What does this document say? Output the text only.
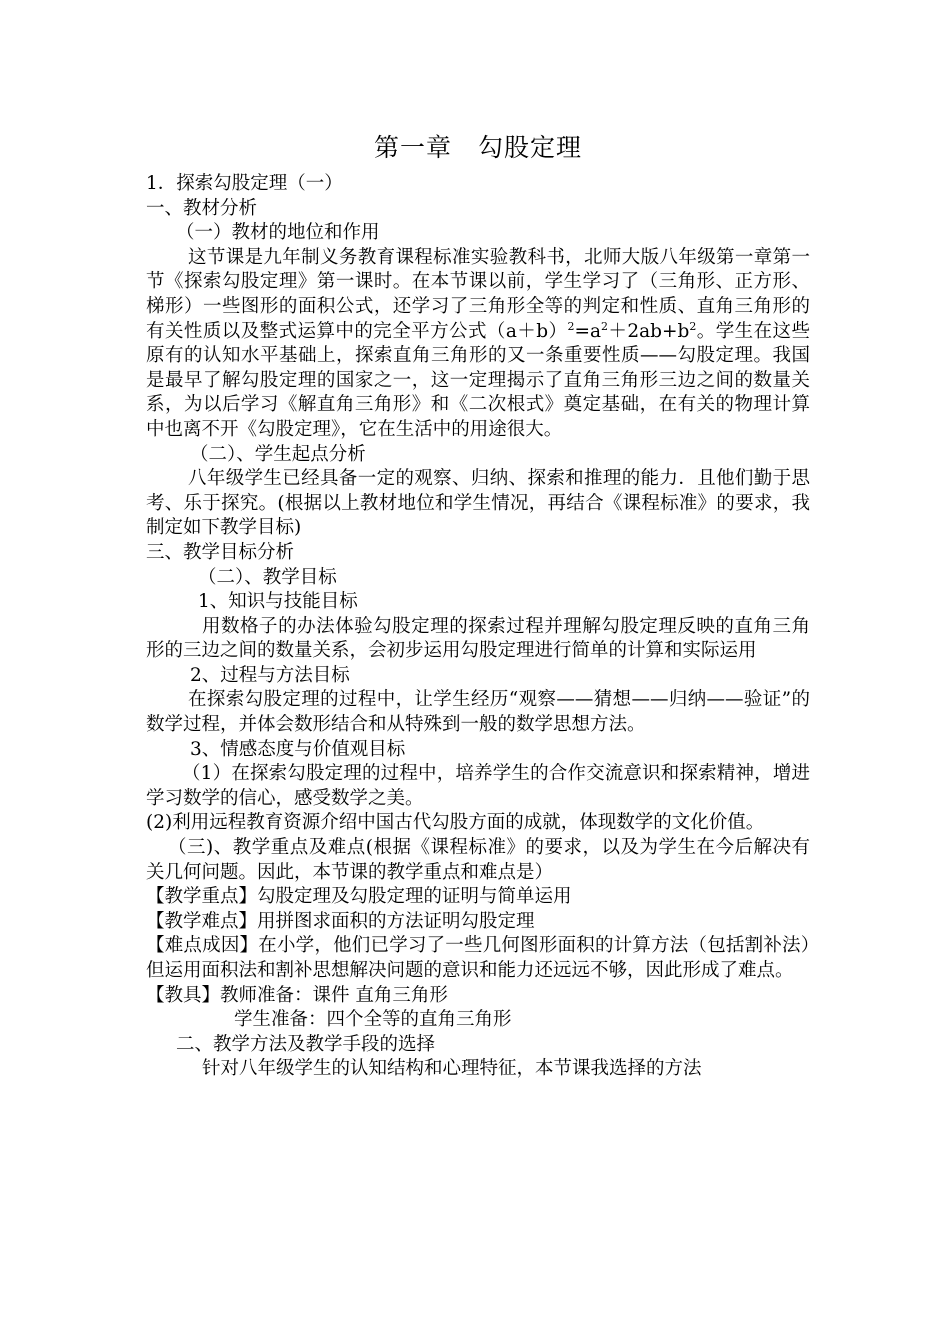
第一章　勾股定理
1．探索勾股定理（一）
一、教材分析
（一）教材的地位和作用
这节课是九年制义务教育课程标准实验教科书，北师大版八年级第一章第一节《探索勾股定理》第一课时。在本节课以前，学生学习了（三角形、正方形、梯形）一些图形的面积公式，还学习了三角形全等的判定和性质、直角三角形的有关性质以及整式运算中的完全平方公式$(a+b)^2=a^2+2ab+b^2$。学生在这些原有的认知水平基础上，探索直角三角形的又一条重要性质——勾股定理。我国是最早了解勾股定理的国家之一，这一定理揭示了直角三角形三边之间的数量关系，为以后学习《解直角三角形》和《二次根式》奠定基础，在有关的物理计算中也离不开《勾股定理》，它在生活中的用途很大。
（二）、学生起点分析
八年级学生已经具备一定的观察、归纳、探索和推理的能力．且他们勤于思考、乐于探究。(根据以上教材地位和学生情况，再结合《课程标准》的要求，我制定如下教学目标)
三、教学目标分析
（二）、教学目标
1、知识与技能目标
用数格子的办法体验勾股定理的探索过程并理解勾股定理反映的直角三角形的三边之间的数量关系，会初步运用勾股定理进行简单的计算和实际运用
2、过程与方法目标
在探索勾股定理的过程中，让学生经历“观察——猜想——归纳——验证”的数学过程，并体会数形结合和从特殊到一般的数学思想方法。
3、情感态度与价值观目标
（1）在探索勾股定理的过程中，培养学生的合作交流意识和探索精神，增进学习数学的信心，感受数学之美。
(2)利用远程教育资源介绍中国古代勾股方面的成就，体现数学的文化价值。
（三)、教学重点及难点(根据《课程标准》的要求，以及为学生在今后解决有关几何问题。因此，本节课的教学重点和难点是）
【教学重点】勾股定理及勾股定理的证明与简单运用
【教学难点】用拼图求面积的方法证明勾股定理
【难点成因】在小学，他们已学习了一些几何图形面积的计算方法（包括割补法）但运用面积法和割补思想解决问题的意识和能力还远远不够，因此形成了难点。
【教具】教师准备：课件 直角三角形
学生准备：四个全等的直角三角形
二、教学方法及教学手段的选择
针对八年级学生的认知结构和心理特征，本节课我选择的方法
